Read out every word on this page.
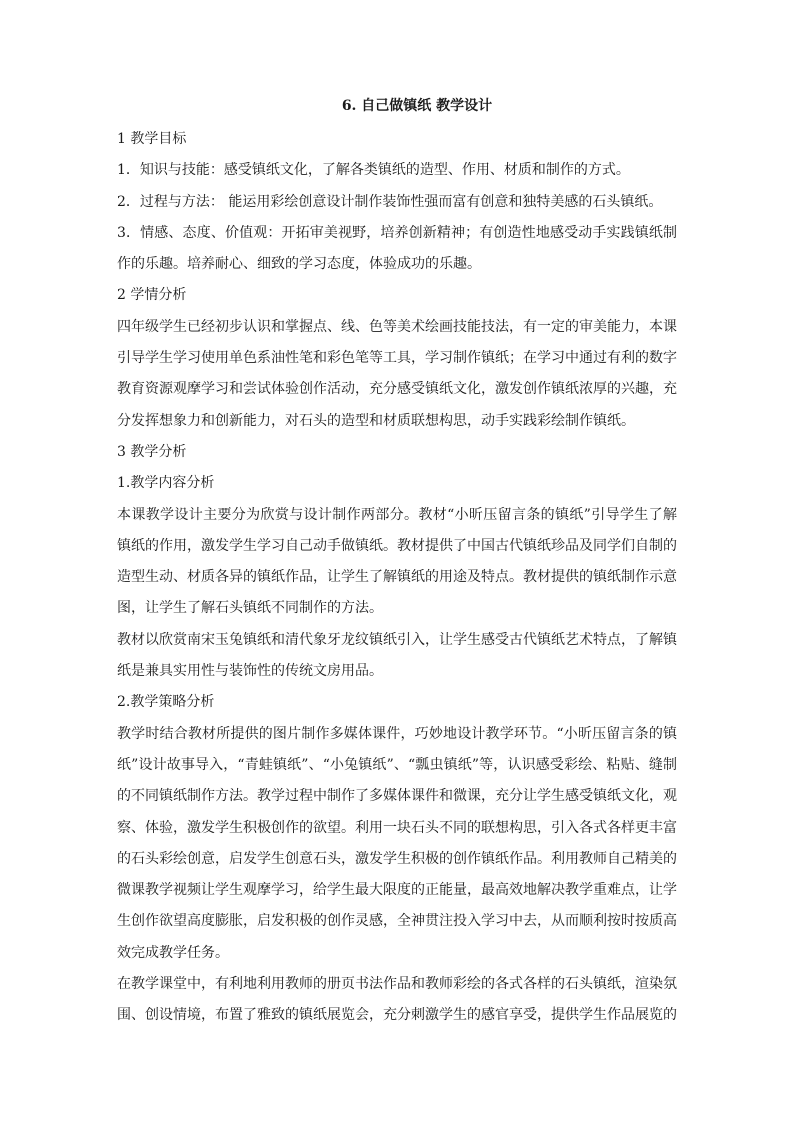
6. 自己做镇纸 教学设计

1 教学目标

1．知识与技能：感受镇纸文化，了解各类镇纸的造型、作用、材质和制作的方式。

2．过程与方法： 能运用彩绘创意设计制作装饰性强而富有创意和独特美感的石头镇纸。

3．情感、态度、价值观：开拓审美视野，培养创新精神；有创造性地感受动手实践镇纸制作的乐趣。培养耐心、细致的学习态度，体验成功的乐趣。

2 学情分析

四年级学生已经初步认识和掌握点、线、色等美术绘画技能技法，有一定的审美能力，本课引导学生学习使用单色系油性笔和彩色笔等工具，学习制作镇纸；在学习中通过有利的数字教育资源观摩学习和尝试体验创作活动，充分感受镇纸文化，激发创作镇纸浓厚的兴趣，充分发挥想象力和创新能力，对石头的造型和材质联想构思，动手实践彩绘制作镇纸。

3 教学分析

1.教学内容分析

本课教学设计主要分为欣赏与设计制作两部分。教材“小昕压留言条的镇纸”引导学生了解镇纸的作用，激发学生学习自己动手做镇纸。教材提供了中国古代镇纸珍品及同学们自制的造型生动、材质各异的镇纸作品，让学生了解镇纸的用途及特点。教材提供的镇纸制作示意图，让学生了解石头镇纸不同制作的方法。

教材以欣赏南宋玉兔镇纸和清代象牙龙纹镇纸引入，让学生感受古代镇纸艺术特点，了解镇纸是兼具实用性与装饰性的传统文房用品。

2.教学策略分析

教学时结合教材所提供的图片制作多媒体课件，巧妙地设计教学环节。“小昕压留言条的镇纸”设计故事导入，“青蛙镇纸”、“小兔镇纸”、“瓢虫镇纸”等，认识感受彩绘、粘贴、缝制的不同镇纸制作方法。教学过程中制作了多媒体课件和微课，充分让学生感受镇纸文化，观察、体验，激发学生积极创作的欲望。利用一块石头不同的联想构思，引入各式各样更丰富的石头彩绘创意，启发学生创意石头，激发学生积极的创作镇纸作品。利用教师自己精美的微课教学视频让学生观摩学习，给学生最大限度的正能量，最高效地解决教学重难点，让学生创作欲望高度膨胀，启发积极的创作灵感，全神贯注投入学习中去，从而顺利按时按质高效完成教学任务。

在教学课堂中，有利地利用教师的册页书法作品和教师彩绘的各式各样的石头镇纸，渲染氛围、创设情境，布置了雅致的镇纸展览会，充分刺激学生的感官享受，提供学生作品展览的
